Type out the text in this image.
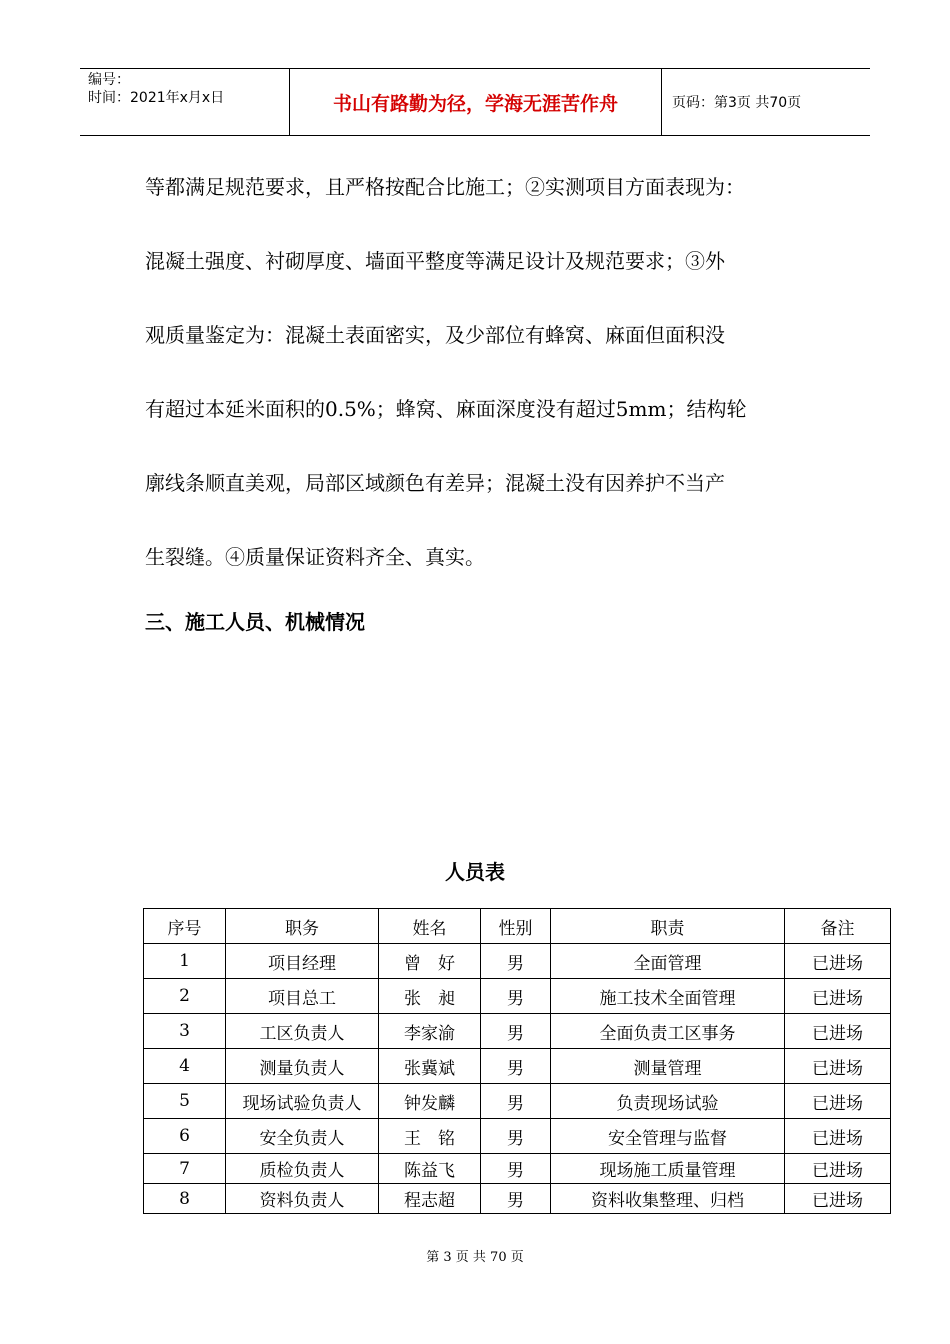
编号：
时间：2021年x月x日	书山有路勤为径，学海无涯苦作舟	页码：第3页 共70页

等都满足规范要求，且严格按配合比施工；②实测项目方面表现为：

混凝土强度、衬砌厚度、墙面平整度等满足设计及规范要求；③外

观质量鉴定为：混凝土表面密实，及少部位有蜂窝、麻面但面积没

有超过本延米面积的0.5%；蜂窝、麻面深度没有超过5mm；结构轮

廓线条顺直美观，局部区域颜色有差异；混凝土没有因养护不当产

生裂缝。④质量保证资料齐全、真实。

三、施工人员、机械情况
人员表
序号	职务	姓名	性别	职责	备注
1	项目经理	曾　好	男	全面管理	已进场
2	项目总工	张　昶	男	施工技术全面管理	已进场
3	工区负责人	李家渝	男	全面负责工区事务	已进场
4	测量负责人	张冀斌	男	测量管理	已进场
5	现场试验负责人	钟发麟	男	负责现场试验	已进场
6	安全负责人	王　铭	男	安全管理与监督	已进场
7	质检负责人	陈益飞	男	现场施工质量管理	已进场
8	资料负责人	程志超	男	资料收集整理、归档	已进场
第 3 页 共 70 页
